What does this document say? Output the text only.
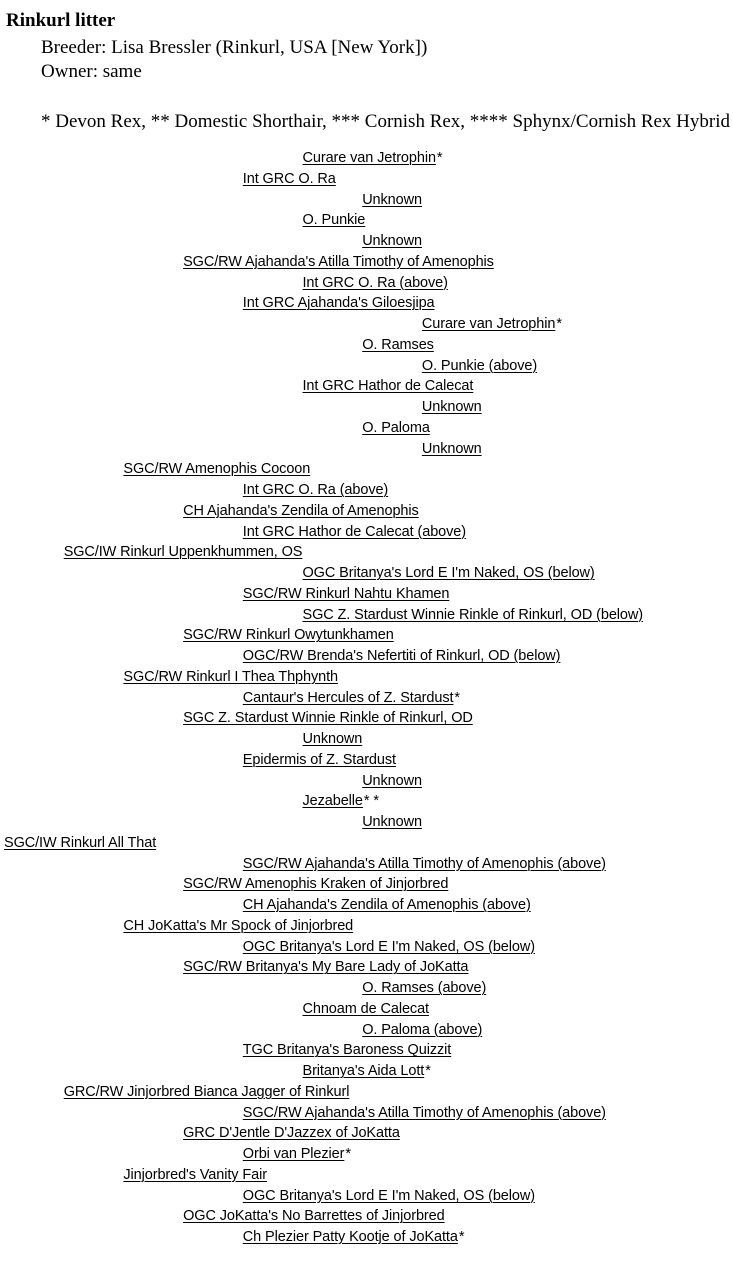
Rinkurl litter
Breeder: Lisa Bressler (Rinkurl, USA [New York])
Owner: same
* Devon Rex, ** Domestic Shorthair, *** Cornish Rex, **** Sphynx/Cornish Rex Hybrid
Curare van Jetrophin*
Int GRC O. Ra
Unknown
O. Punkie
Unknown
SGC/RW Ajahanda's Atilla Timothy of Amenophis
Int GRC O. Ra (above)
Int GRC Ajahanda's Giloesjipa
Curare van Jetrophin*
O. Ramses
O. Punkie (above)
Int GRC Hathor de Calecat
Unknown
O. Paloma
Unknown
SGC/RW Amenophis Cocoon
Int GRC O. Ra (above)
CH Ajahanda's Zendila of Amenophis
Int GRC Hathor de Calecat (above)
SGC/IW Rinkurl Uppenkhummen, OS
OGC Britanya's Lord E I'm Naked, OS (below)
SGC/RW Rinkurl Nahtu Khamen
SGC Z. Stardust Winnie Rinkle of Rinkurl, OD (below)
SGC/RW Rinkurl Owytunkhamen
OGC/RW Brenda's Nefertiti of Rinkurl, OD (below)
SGC/RW Rinkurl I Thea Thphynth
Cantaur's Hercules of Z. Stardust*
SGC Z. Stardust Winnie Rinkle of Rinkurl, OD
Unknown
Epidermis of Z. Stardust
Unknown
Jezabelle* *
Unknown
SGC/IW Rinkurl All That
SGC/RW Ajahanda's Atilla Timothy of Amenophis (above)
SGC/RW Amenophis Kraken of Jinjorbred
CH Ajahanda's Zendila of Amenophis (above)
CH JoKatta's Mr Spock of Jinjorbred
OGC Britanya's Lord E I'm Naked, OS (below)
SGC/RW Britanya's My Bare Lady of JoKatta
O. Ramses (above)
Chnoam de Calecat
O. Paloma (above)
TGC Britanya's Baroness Quizzit
Britanya's Aida Lott*
GRC/RW Jinjorbred Bianca Jagger of Rinkurl
SGC/RW Ajahanda's Atilla Timothy of Amenophis (above)
GRC D'Jentle D'Jazzex of JoKatta
Orbi van Plezier*
Jinjorbred's Vanity Fair
OGC Britanya's Lord E I'm Naked, OS (below)
OGC JoKatta's No Barrettes of Jinjorbred
Ch Plezier Patty Kootje of JoKatta*
